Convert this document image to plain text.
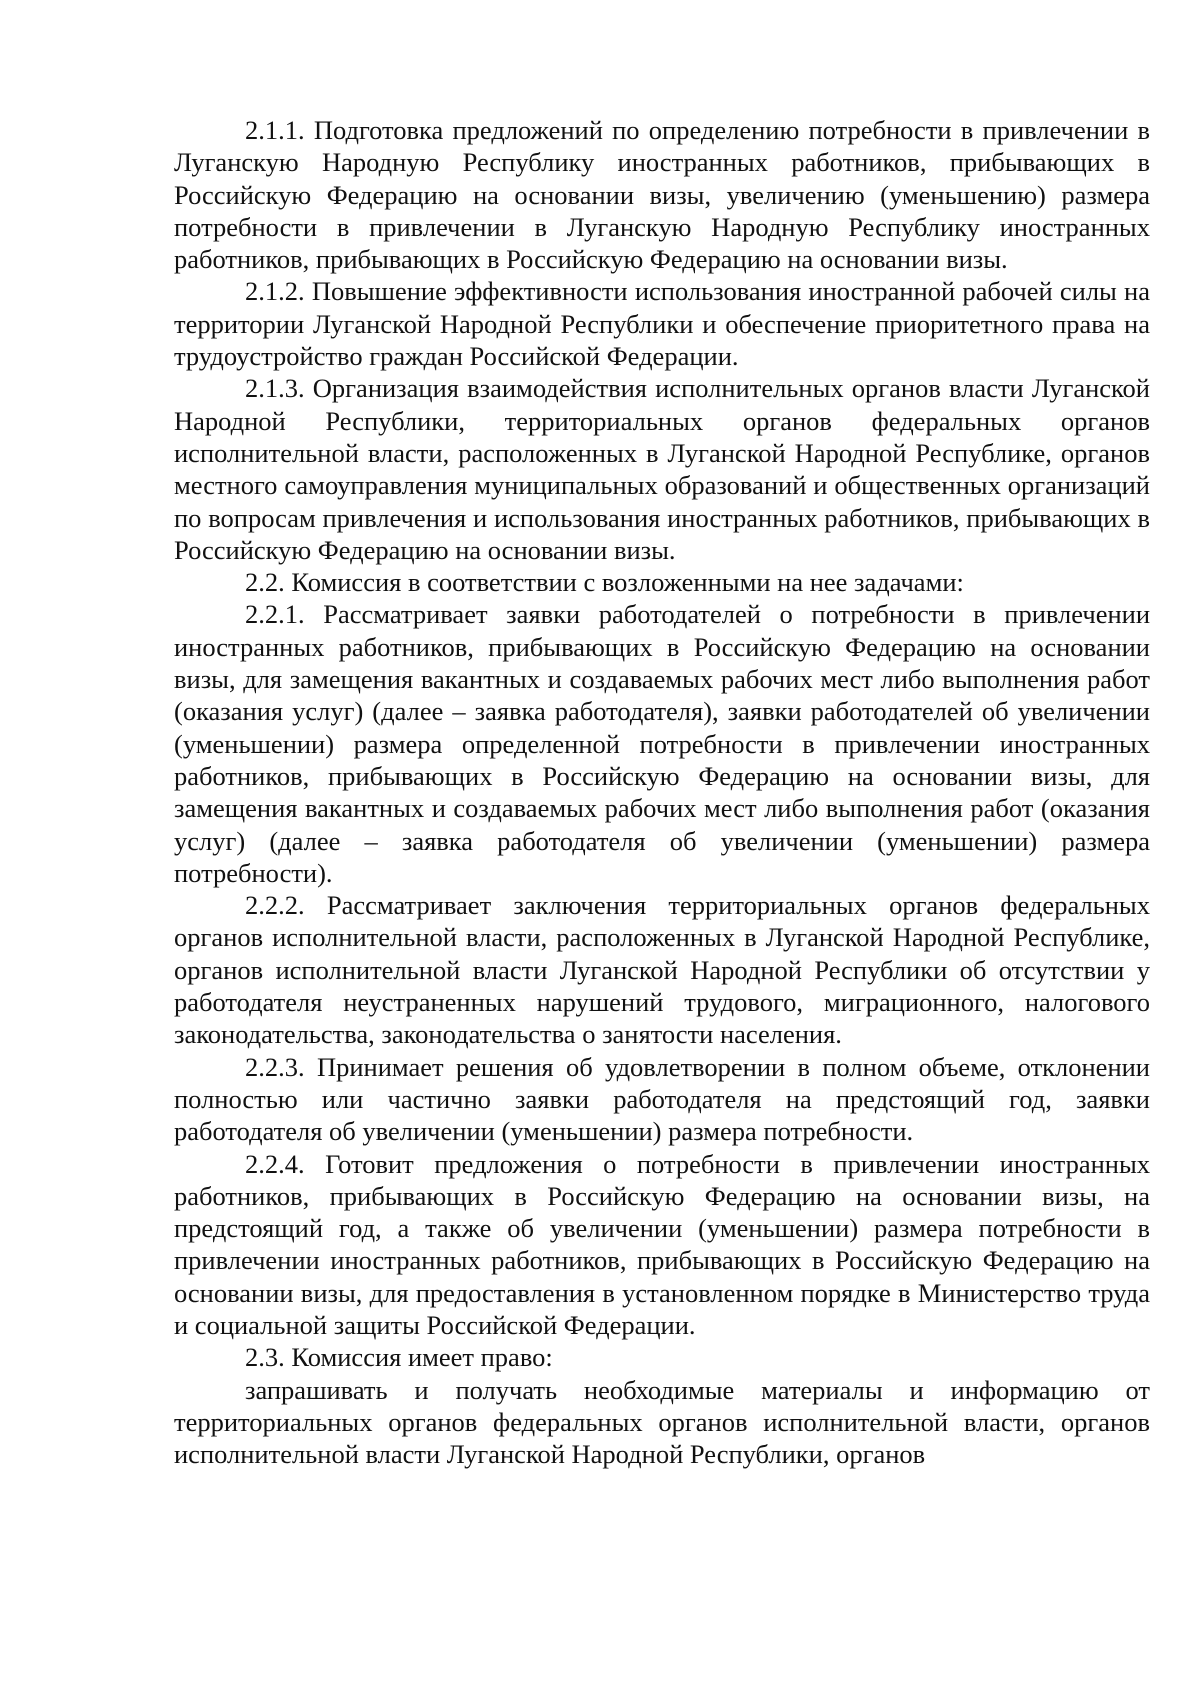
2.1.1. Подготовка предложений по определению потребности в привлечении в Луганскую Народную Республику иностранных работников, прибывающих в Российскую Федерацию на основании визы, увеличению (уменьшению) размера потребности в привлечении в Луганскую Народную Республику иностранных работников, прибывающих в Российскую Федерацию на основании визы.

2.1.2. Повышение эффективности использования иностранной рабочей силы на территории Луганской Народной Республики и обеспечение приоритетного права на трудоустройство граждан Российской Федерации.

2.1.3. Организация взаимодействия исполнительных органов власти Луганской Народной Республики, территориальных органов федеральных органов исполнительной власти, расположенных в Луганской Народной Республике, органов местного самоуправления муниципальных образований и общественных организаций по вопросам привлечения и использования иностранных работников, прибывающих в Российскую Федерацию на основании визы.

2.2. Комиссия в соответствии с возложенными на нее задачами:

2.2.1. Рассматривает заявки работодателей о потребности в привлечении иностранных работников, прибывающих в Российскую Федерацию на основании визы, для замещения вакантных и создаваемых рабочих мест либо выполнения работ (оказания услуг) (далее – заявка работодателя), заявки работодателей об увеличении (уменьшении) размера определенной потребности в привлечении иностранных работников, прибывающих в Российскую Федерацию на основании визы, для замещения вакантных и создаваемых рабочих мест либо выполнения работ (оказания услуг) (далее – заявка работодателя об увеличении (уменьшении) размера потребности).

2.2.2. Рассматривает заключения территориальных органов федеральных органов исполнительной власти, расположенных в Луганской Народной Республике, органов исполнительной власти Луганской Народной Республики об отсутствии у работодателя неустраненных нарушений трудового, миграционного, налогового законодательства, законодательства о занятости населения.

2.2.3. Принимает решения об удовлетворении в полном объеме, отклонении полностью или частично заявки работодателя на предстоящий год, заявки работодателя об увеличении (уменьшении) размера потребности.

2.2.4. Готовит предложения о потребности в привлечении иностранных работников, прибывающих в Российскую Федерацию на основании визы, на предстоящий год, а также об увеличении (уменьшении) размера потребности в привлечении иностранных работников, прибывающих в Российскую Федерацию на основании визы, для предоставления в установленном порядке в Министерство труда и социальной защиты Российской Федерации.

2.3. Комиссия имеет право:

запрашивать и получать необходимые материалы и информацию от территориальных органов федеральных органов исполнительной власти, органов исполнительной власти Луганской Народной Республики, органов
